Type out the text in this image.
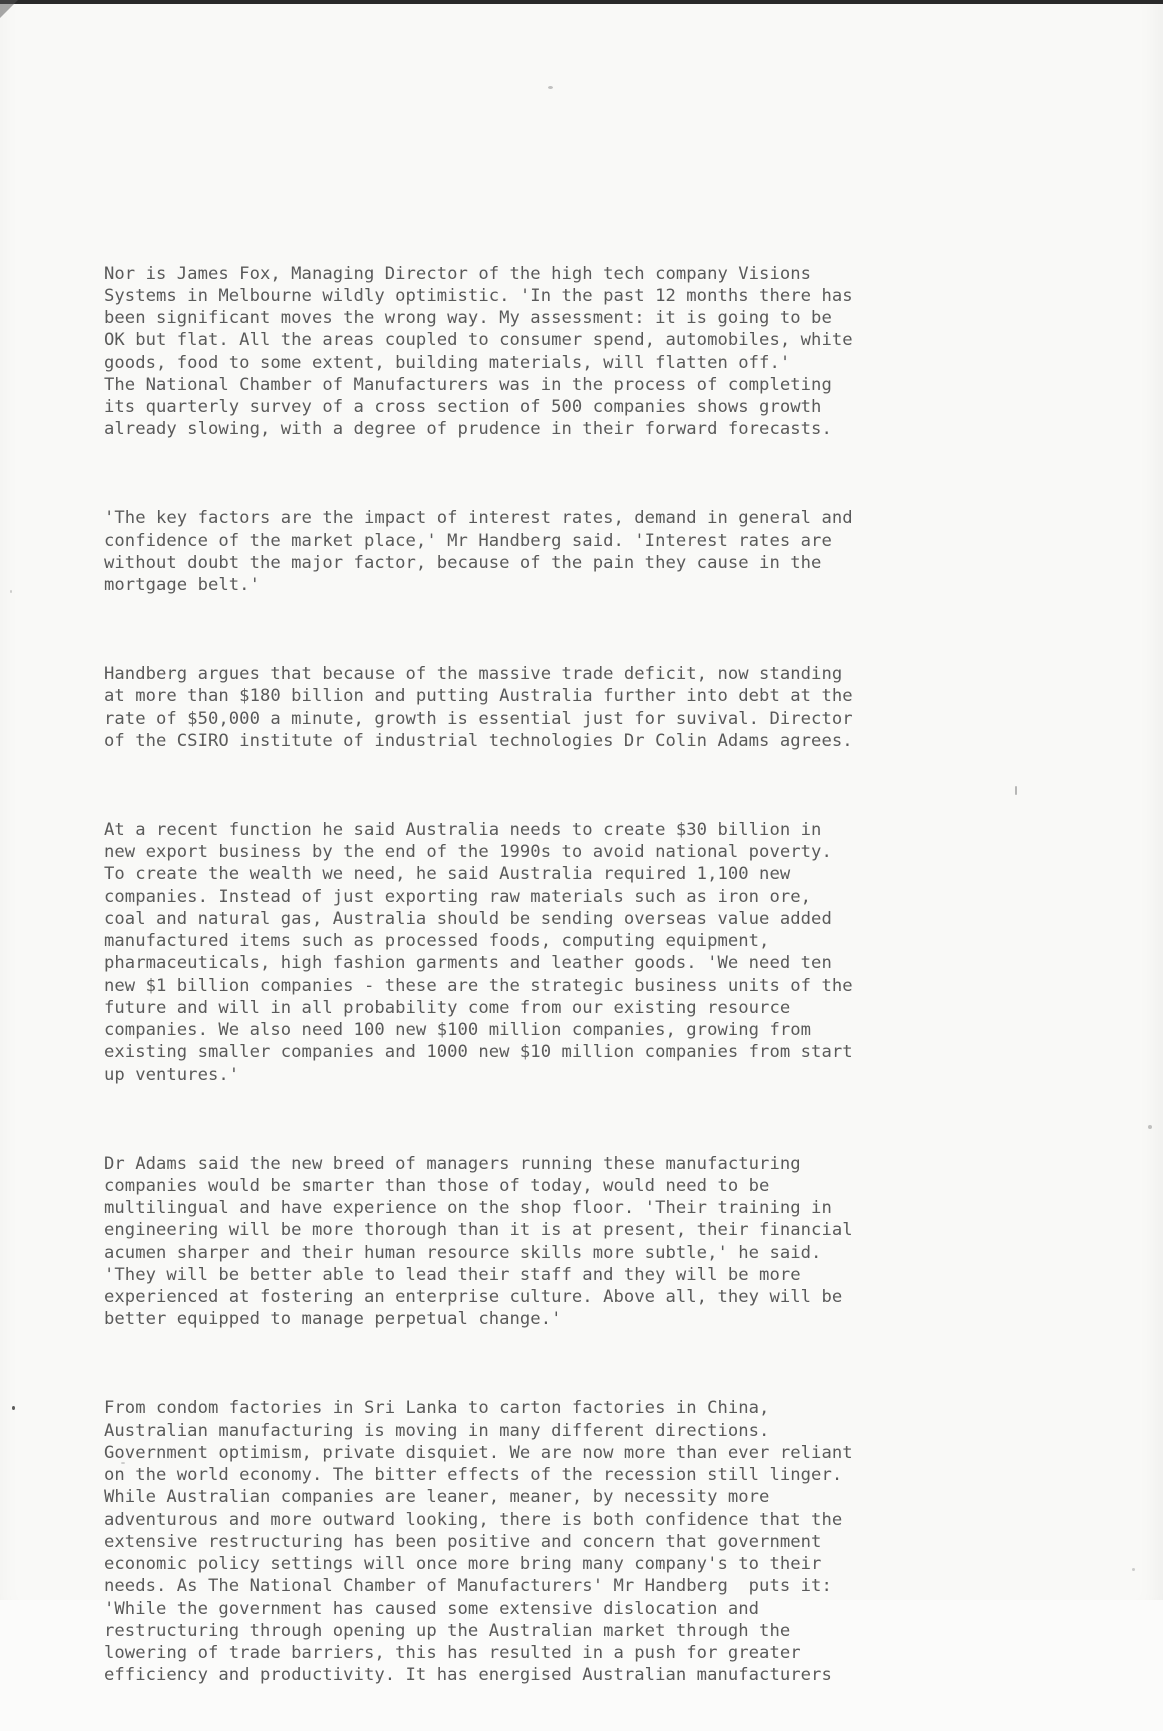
Nor is James Fox, Managing Director of the high tech company Visions
Systems in Melbourne wildly optimistic. 'In the past 12 months there has
been significant moves the wrong way. My assessment: it is going to be
OK but flat. All the areas coupled to consumer spend, automobiles, white
goods, food to some extent, building materials, will flatten off.'
The National Chamber of Manufacturers was in the process of completing
its quarterly survey of a cross section of 500 companies shows growth
already slowing, with a degree of prudence in their forward forecasts.

'The key factors are the impact of interest rates, demand in general and
confidence of the market place,' Mr Handberg said. 'Interest rates are
without doubt the major factor, because of the pain they cause in the
mortgage belt.'

Handberg argues that because of the massive trade deficit, now standing
at more than $180 billion and putting Australia further into debt at the
rate of $50,000 a minute, growth is essential just for suvival. Director
of the CSIRO institute of industrial technologies Dr Colin Adams agrees.

At a recent function he said Australia needs to create $30 billion in
new export business by the end of the 1990s to avoid national poverty.
To create the wealth we need, he said Australia required 1,100 new
companies. Instead of just exporting raw materials such as iron ore,
coal and natural gas, Australia should be sending overseas value added
manufactured items such as processed foods, computing equipment,
pharmaceuticals, high fashion garments and leather goods. 'We need ten
new $1 billion companies - these are the strategic business units of the
future and will in all probability come from our existing resource
companies. We also need 100 new $100 million companies, growing from
existing smaller companies and 1000 new $10 million companies from start
up ventures.'

Dr Adams said the new breed of managers running these manufacturing
companies would be smarter than those of today, would need to be
multilingual and have experience on the shop floor. 'Their training in
engineering will be more thorough than it is at present, their financial
acumen sharper and their human resource skills more subtle,' he said.
'They will be better able to lead their staff and they will be more
experienced at fostering an enterprise culture. Above all, they will be
better equipped to manage perpetual change.'

From condom factories in Sri Lanka to carton factories in China,
Australian manufacturing is moving in many different directions.
Government optimism, private disquiet. We are now more than ever reliant
on the world economy. The bitter effects of the recession still linger.
While Australian companies are leaner, meaner, by necessity more
adventurous and more outward looking, there is both confidence that the
extensive restructuring has been positive and concern that government
economic policy settings will once more bring many company's to their
needs. As The National Chamber of Manufacturers' Mr Handberg  puts it:
'While the government has caused some extensive dislocation and
restructuring through opening up the Australian market through the
lowering of trade barriers, this has resulted in a push for greater
efficiency and productivity. It has energised Australian manufacturers
